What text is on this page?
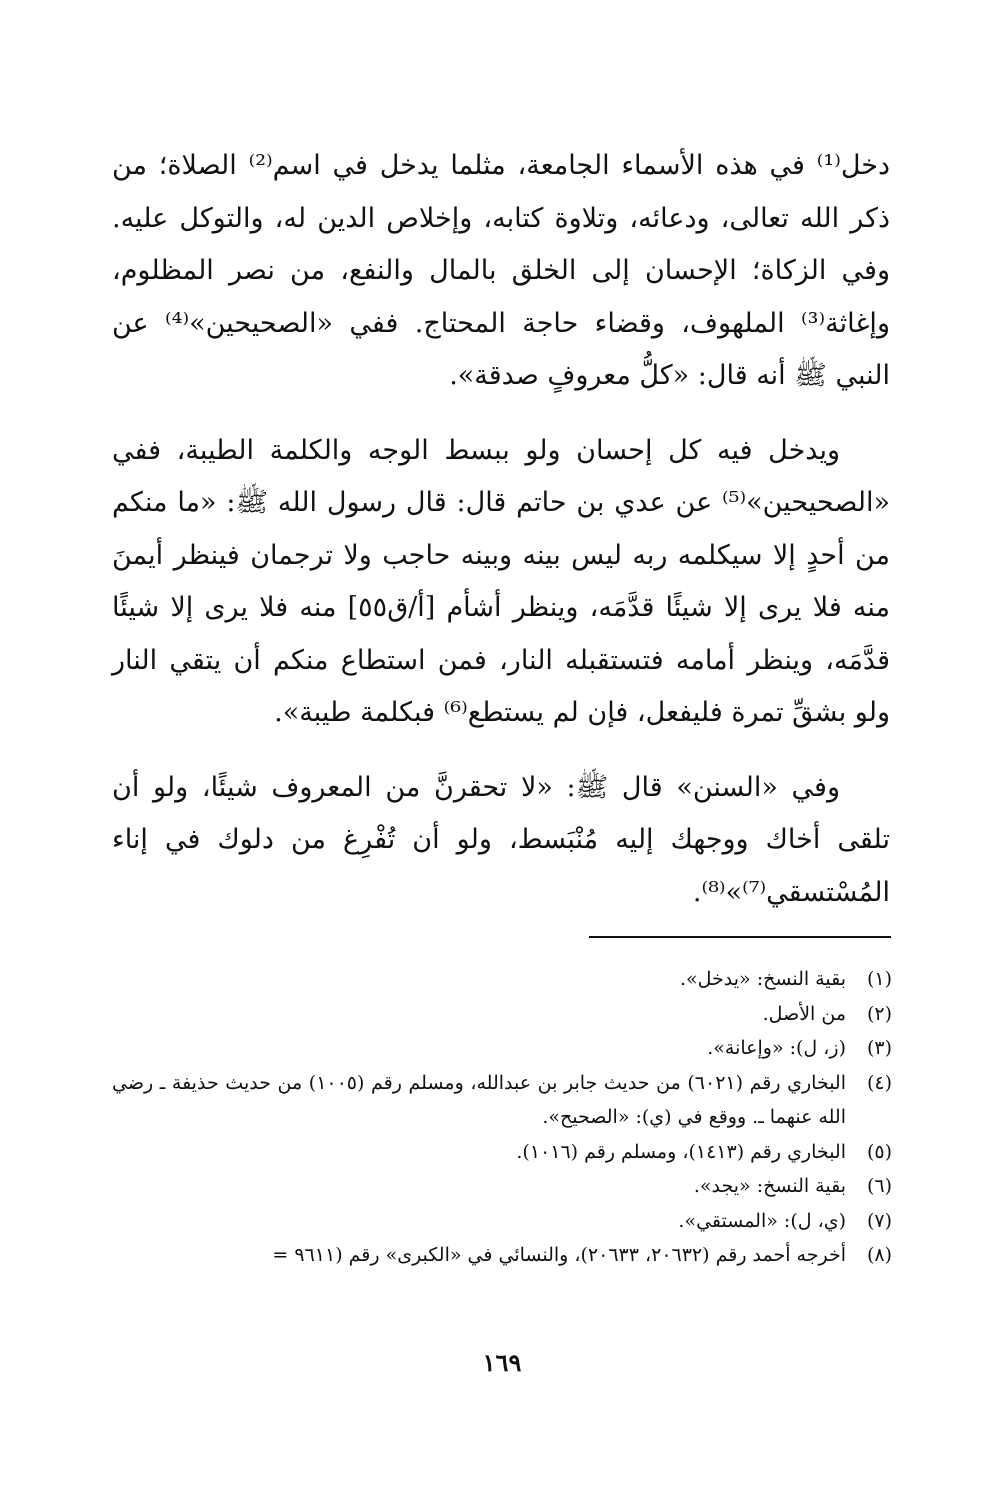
دخل⁽¹⁾ في هذه الأسماء الجامعة، مثلما يدخل في اسم⁽²⁾ الصلاة؛ من ذكر الله تعالى، ودعائه، وتلاوة كتابه، وإخلاص الدين له، والتوكل عليه. وفي الزكاة؛ الإحسان إلى الخلق بالمال والنفع، من نصر المظلوم، وإغاثة⁽³⁾ الملهوف، وقضاء حاجة المحتاج. ففي «الصحيحين»⁽⁴⁾ عن النبي ﷺ أنه قال: «كلُّ معروفٍ صدقة».

ويدخل فيه كل إحسان ولو ببسط الوجه والكلمة الطيبة، ففي «الصحيحين»⁽⁵⁾ عن عدي بن حاتم قال: قال رسول الله ﷺ: «ما منكم من أحدٍ إلا سيكلمه ربه ليس بينه وبينه حاجب ولا ترجمان فينظر أيمنَ منه فلا يرى إلا شيئًا قدَّمَه، وينظر أشأم [أ/ق٥٥] منه فلا يرى إلا شيئًا قدَّمَه، وينظر أمامه فتستقبله النار، فمن استطاع منكم أن يتقي النار ولو بشقِّ تمرة فليفعل، فإن لم يستطع⁽⁶⁾ فبكلمة طيبة».

وفي «السنن» قال ﷺ: «لا تحقرنَّ من المعروف شيئًا، ولو أن تلقى أخاك ووجهك إليه مُنْبَسط، ولو أن تُفْرِغ من دلوك في إناء المُسْتسقي⁽⁷⁾»⁽⁸⁾.

(١)
بقية النسخ: «يدخل».
(٢)
من الأصل.
(٣)
(ز، ل): «وإعانة».
(٤)
البخاري رقم (٦٠٢١) من حديث جابر بن عبدالله، ومسلم رقم (١٠٠٥) من حديث حذيفة ـ رضي الله عنهما ـ. ووقع في (ي): «الصحيح».
(٥)
البخاري رقم (١٤١٣)، ومسلم رقم (١٠١٦).
(٦)
بقية النسخ: «يجد».
(٧)
(ي، ل): «المستقي».
(٨)
أخرجه أحمد رقم (٢٠٦٣٢، ٢٠٦٣٣)، والنسائي في «الكبرى» رقم (٩٦١١ =
١٦٩
